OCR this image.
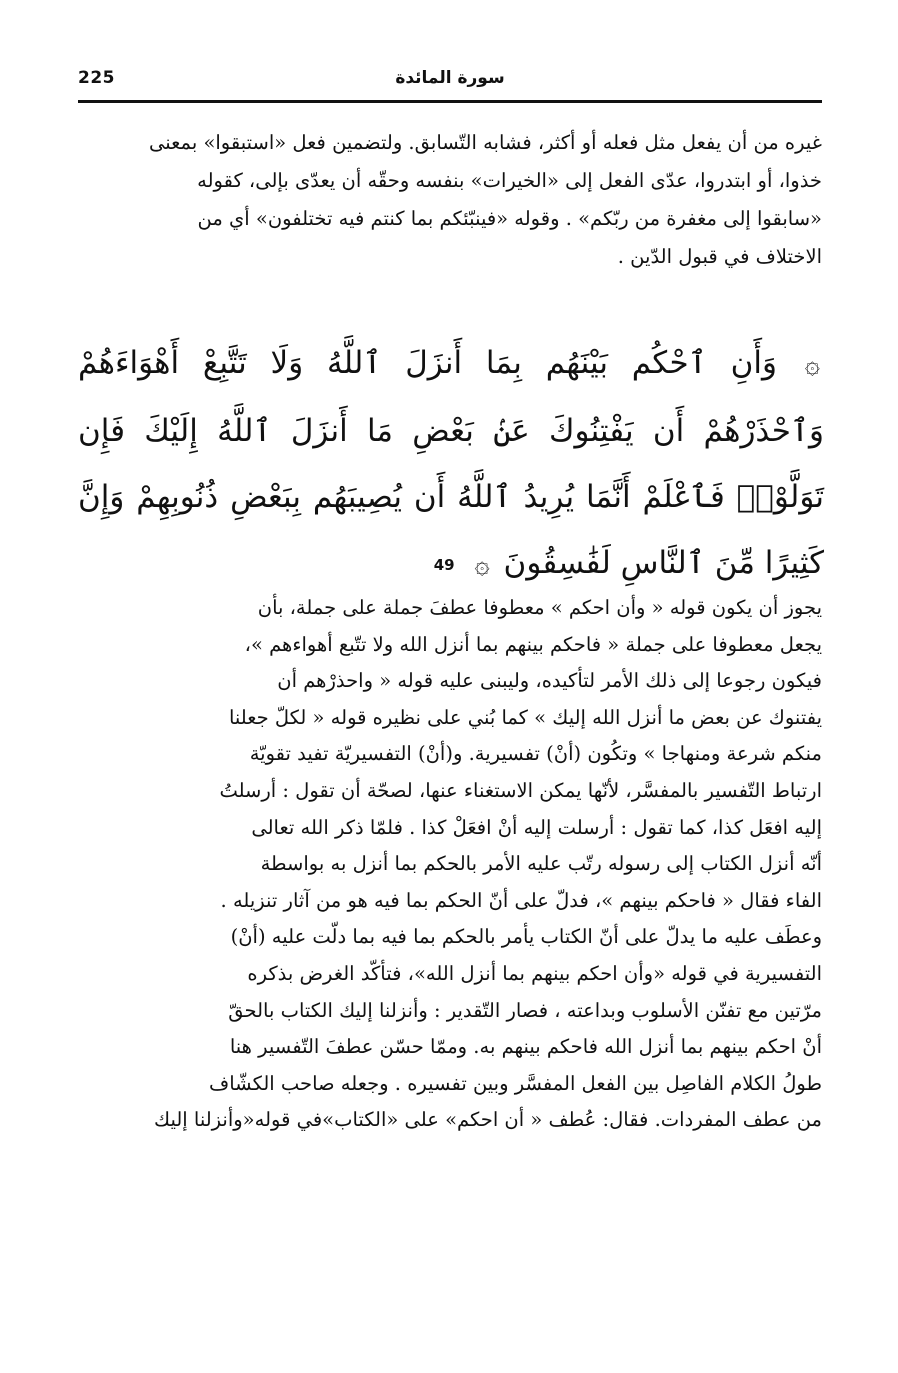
225	سورة المائدة
غيره من أن يفعل مثل فعله أو أكثر، فشابه التّسابق. ولتضمين فعل «استبقوا» بمعنى
خذوا، أو ابتدروا، عدّى الفعل إلى «الخيرات» بنفسه وحقّه أن يعدّى بإلى، كقوله
«سابقوا إلى مغفرة من ربّكم» . وقوله «فينبّئكم بما كنتم فيه تختلفون» أي من
الاختلاف في قبول الدّين .
۞ وَأَنِ ٱحْكُم بَيْنَهُم بِمَا أَنزَلَ ٱللَّهُ وَلَا تَتَّبِعْ أَهْوَاءَهُمْ وَٱحْذَرْهُمْ أَن يَفْتِنُوكَ عَنۢ بَعْضِ مَا أَنزَلَ ٱللَّهُ إِلَيْكَ فَإِن تَوَلَّوْا۟ فَٱعْلَمْ أَنَّمَا يُرِيدُ ٱللَّهُ أَن يُصِيبَهُم بِبَعْضِ ذُنُوبِهِمْ وَإِنَّ كَثِيرًا مِّنَ ٱلنَّاسِ لَفَٰسِقُونَ ۞ 49
يجوز أن يكون قوله « وأن احكم » معطوفا عطفَ جملة على جملة، بأن
يجعل معطوفا على جملة « فاحكم بينهم بما أنزل الله ولا تتّبع أهواءهم »،
فيكون رجوعا إلى ذلك الأمر لتأكيده، وليبنى عليه قوله « واحذرْهم أن
يفتنوك عن بعض ما أنزل الله إليك » كما بُني على نظيره قوله « لكلّ جعلنا
منكم شرعة ومنهاجا » وتكُون (أنْ) تفسيرية. و(أنْ) التفسيريّة تفيد تقويّة
ارتباط التّفسير بالمفسَّر، لأنّها يمكن الاستغناء عنها، لصحّة أن تقول : أرسلتُ
إليه افعَل كذا، كما تقول : أرسلت إليه أنْ افعَلْ كذا . فلمّا ذكر الله تعالى
أنّه أنزل الكتاب إلى رسوله رتّب عليه الأمر بالحكم بما أنزل به بواسطة
الفاء فقال « فاحكم بينهم »، فدلّ على أنّ الحكم بما فيه هو من آثار تنزيله .
وعطَف عليه ما يدلّ على أنّ الكتاب يأمر بالحكم بما فيه بما دلّت عليه (أنْ)
التفسيرية في قوله «وأن احكم بينهم بما أنزل الله»، فتأكّد الغرض بذكره
مرّتين مع تفنّن الأسلوب وبداعته ، فصار التّقدير : وأنزلنا إليك الكتاب بالحقّ
أنْ احكم بينهم بما أنزل الله فاحكم بينهم به. وممّا حسّن عطفَ التّفسير هنا
طولُ الكلام الفاصِل بين الفعل المفسَّر وبين تفسيره . وجعله صاحب الكشّاف
من عطف المفردات. فقال: عُطف « أن احكم» على «الكتاب»في قوله«وأنزلنا إليك
